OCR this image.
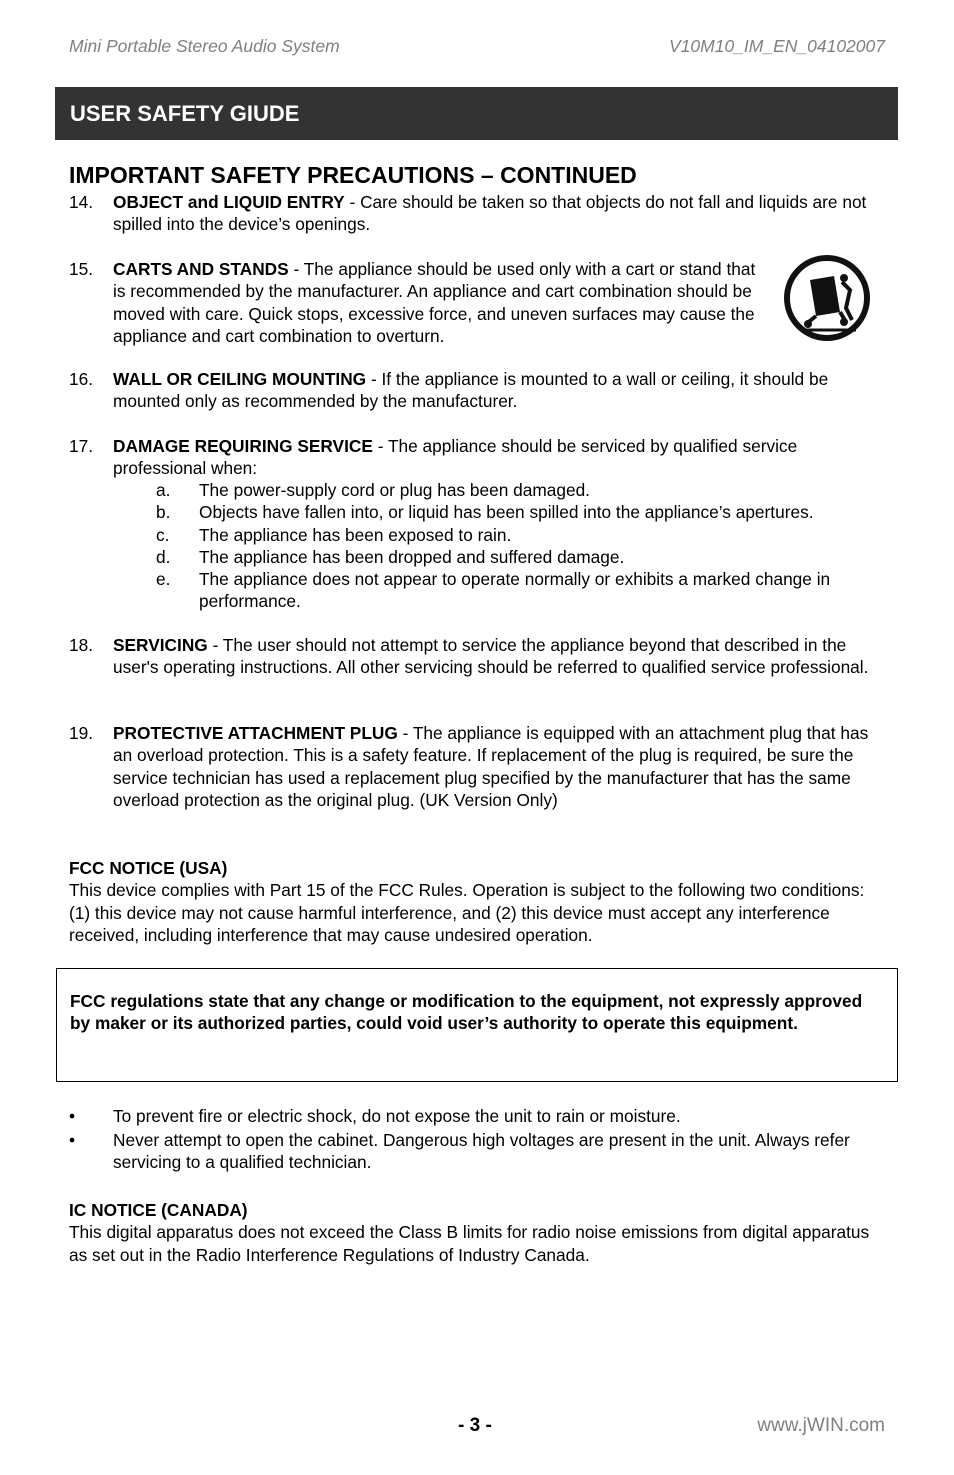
Mini Portable Stereo Audio System	V10M10_IM_EN_04102007
USER SAFETY GIUDE
IMPORTANT SAFETY PRECAUTIONS – CONTINUED
14. OBJECT and LIQUID ENTRY - Care should be taken so that objects do not fall and liquids are not spilled into the device’s openings.
15. CARTS AND STANDS - The appliance should be used only with a cart or stand that is recommended by the manufacturer. An appliance and cart combination should be moved with care. Quick stops, excessive force, and uneven surfaces may cause the appliance and cart combination to overturn.
16. WALL OR CEILING MOUNTING - If the appliance is mounted to a wall or ceiling, it should be mounted only as recommended by the manufacturer.
17. DAMAGE REQUIRING SERVICE - The appliance should be serviced by qualified service professional when:
a. The power-supply cord or plug has been damaged.
b. Objects have fallen into, or liquid has been spilled into the appliance’s apertures.
c. The appliance has been exposed to rain.
d. The appliance has been dropped and suffered damage.
e. The appliance does not appear to operate normally or exhibits a marked change in performance.
18. SERVICING - The user should not attempt to service the appliance beyond that described in the user's operating instructions. All other servicing should be referred to qualified service professional.
19. PROTECTIVE ATTACHMENT PLUG - The appliance is equipped with an attachment plug that has an overload protection. This is a safety feature. If replacement of the plug is required, be sure the service technician has used a replacement plug specified by the manufacturer that has the same overload protection as the original plug. (UK Version Only)
FCC NOTICE (USA)
This device complies with Part 15 of the FCC Rules. Operation is subject to the following two conditions: (1) this device may not cause harmful interference, and (2) this device must accept any interference received, including interference that may cause undesired operation.
FCC regulations state that any change or modification to the equipment, not expressly approved by maker or its authorized parties, could void user’s authority to operate this equipment.
• To prevent fire or electric shock, do not expose the unit to rain or moisture.
• Never attempt to open the cabinet. Dangerous high voltages are present in the unit. Always refer servicing to a qualified technician.
IC NOTICE (CANADA)
This digital apparatus does not exceed the Class B limits for radio noise emissions from digital apparatus as set out in the Radio Interference Regulations of Industry Canada.
- 3 -	www.jWIN.com
